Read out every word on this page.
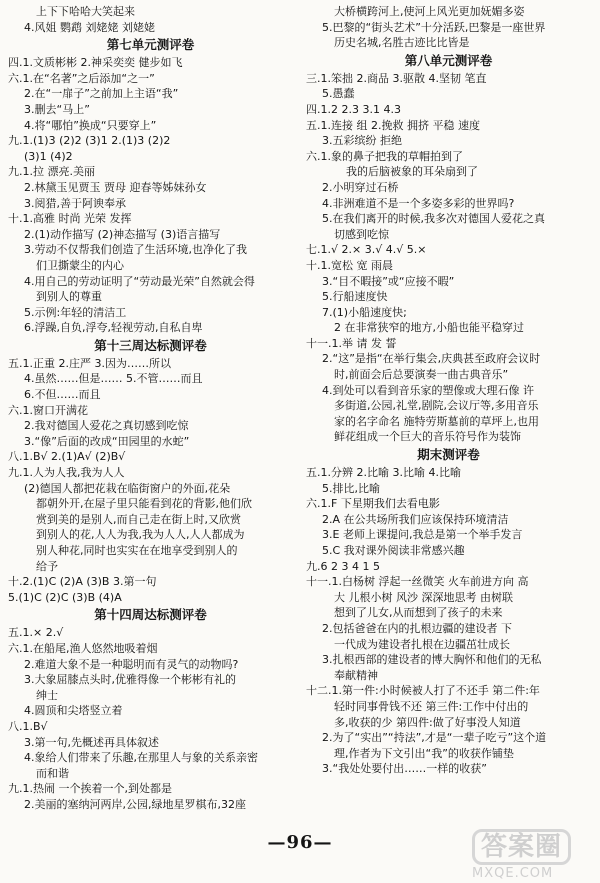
上下下哈哈大笑起来
4.风姐 鹦鹉 刘姥姥 刘姥姥
第七单元测评卷
四.1.文质彬彬 2.神采奕奕 健步如飞
六.1.在“名著”之后添加“之一”
2.在“一扉子”之前加上主语“我”
3.删去“马上”
4.将“哪怕”换成“只要穿上”
九.1.(1)3 (2)2 (3)1 2.(1)3 (2)2
(3)1 (4)2
九.1.拉 漂亮.美丽
2.林黛玉见贾玉 贾母 迎春等姊妹孙女
3.阅猎,善于阿谀奉承
十.1.高雅 时尚 光荣 发挥
2.(1)动作描写 (2)神态描写 (3)语言描写
3.劳动不仅帮我们创造了生活环境,也净化了我
们卫撕蒙尘的内心
4.用自己的劳动证明了“劳动最光荣”自然就会得
到别人的尊重
5.示例:年轻的清洁工
6.浮躁,自负,浮夸,轻视劳动,自私自卑
第十三周达标测评卷
五.1.正重 2.庄严 3.因为……所以
4.虽然……但是…… 5.不管……而且
6.不但……而且
六.1.窗口开满花
2.我对德国人爱花之真切感到吃惊
3.“像”后面的改成“田园里的水蛇”
八.1.B√ 2.(1)A√ (2)B√
九.1.人为人我,我为人人
(2)德国人都把花栽在临街窗户的外面,花朵
都朝外开,在屋子里只能看到花的背影,他们欣
赏到美的是别人,而自己走在街上时,又欣赏
到别人的花,人人为我,我为人人,人人都成为
别人种花,同时也实实在在地享受到别人的
给予
十.2.(1)C (2)A (3)B 3.第一句
5.(1)C (2)C (3)B (4)A
第十四周达标测评卷
五.1.× 2.√
六.1.在船尾,渔人悠然地吸着烟
2.难道大象不是一种聪明而有灵气的动物吗?
3.大象屈膝点头时,优雅得像一个彬彬有礼的
绅士
4.圆顶和尖塔竖立着
八.1.B√
3.第一句,先概述再具体叙述
4.象给人们带来了乐趣,在那里人与象的关系亲密
而和谐
九.1.热闹 一个挨着一个,到处都是
2.美丽的塞纳河两岸,公园,绿地星罗棋布,32座
大桥横跨河上,使河上风光更加妩媚多姿
5.巴黎的“街头艺术”十分活跃,巴黎是一座世界
历史名城,名胜古迹比比皆是
第八单元测评卷
三.1.笨拙 2.商品 3.驱散 4.坚韧 笔直
5.愚蠢
四.1.2 2.3 3.1 4.3
五.1.连接 组 2.挽救 拥挤 平稳 速度
3.五彩缤纷 拒绝
六.1.象的鼻子把我的草帽拍到了
我的后脑被象的耳朵扇到了
2.小明穿过石桥
4.非洲难道不是一个多姿多彩的世界吗?
5.在我们离开的时候,我多次对德国人爱花之真
切感到吃惊
七.1.√ 2.× 3.√ 4.√ 5.×
十.1.宽松 宽 雨晨
3.“目不暇接”或“应接不暇”
5.行船速度快
7.(1)小船速度快;
2 在非常狭窄的地方,小船也能平稳穿过
十一.1.举 请 发 誓
2.“这”是指“在举行集会,庆典甚至政府会议时
时,前面会后总要演奏一曲古典音乐”
4.到处可以看到音乐家的塑像或大理石像 许
多街道,公园,礼堂,剧院,会议厅等,多用音乐
家的名字命名 施特劳斯墓前的草坪上,也用
鲜花组成一个巨大的音乐符号作为装饰
期末测评卷
五.1.分辨 2.比喻 3.比喻 4.比喻
5.排比,比喻
六.1.F 下星期我们去看电影
2.A 在公共场所我们应该保持环境清洁
3.E 老师上课提问,我总是第一个举手发言
5.C 我对课外阅读非常感兴趣
九.6 2 3 4 1 5
十一.1.白杨树 浮起一丝微笑 火车前进方向 高
大 儿根小树 风沙 深深地思考 由树联
想到了儿女,从而想到了孩子的未来
2.包括爸爸在内的扎根边疆的建设者 下
一代成为建设者扎根在边疆茁壮成长
3.扎根西部的建设者的博大胸怀和他们的无私
奉献精神
十二.1.第一件:小时候被人打了不还手 第二件:年
轻时同事骨钱不还 第三件:工作中付出的
多,收获的少 第四件:做了好事没人知道
2.为了“实出”“持法”,才是“一辈子吃亏”这个道
理,作者为下文引出“我”的收获作铺垫
3.“我处处要付出……一样的收获”
—96—	答案圈
MXQE.COM
